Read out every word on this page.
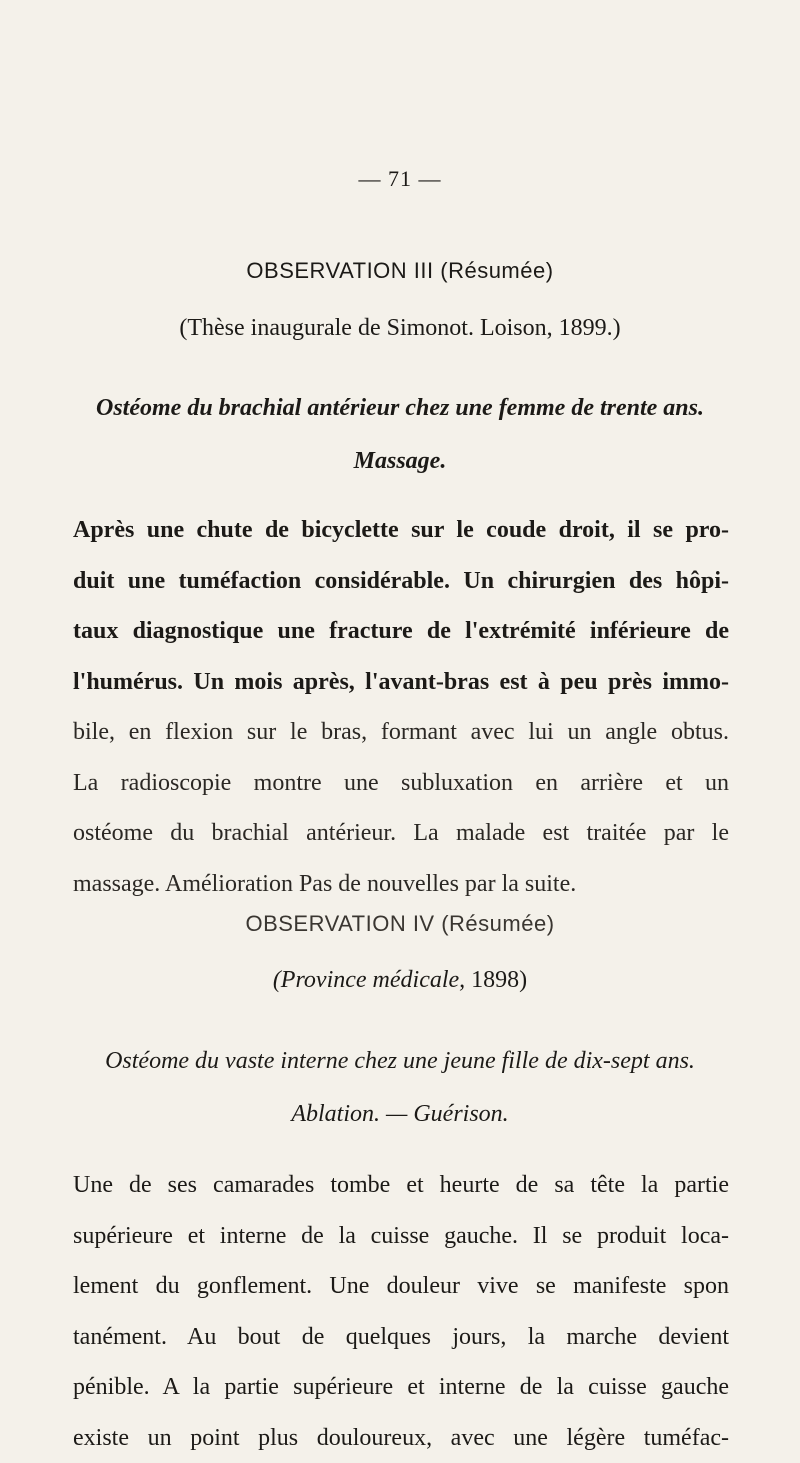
— 71 —
OBSERVATION III (Résumée)
(Thèse inaugurale de Simonot. Loison, 1899.)
Ostéome du brachial antérieur chez une femme de trente ans.
Massage.
Après une chute de bicyclette sur le coude droit, il se pro-
duit une tuméfaction considérable. Un chirurgien des hôpi-
taux diagnostique une fracture de l'extrémité inférieure de
l'humérus. Un mois après, l'avant-bras est à peu près immo-
bile, en flexion sur le bras, formant avec lui un angle obtus.
La radioscopie montre une subluxation en arrière et un
ostéome du brachial antérieur. La malade est traitée par le
massage. Amélioration Pas de nouvelles par la suite.
OBSERVATION IV (Résumée)
(Province médicale, 1898)
Ostéome du vaste interne chez une jeune fille de dix-sept ans.
Ablation. — Guérison.
Une de ses camarades tombe et heurte de sa tête la partie
supérieure et interne de la cuisse gauche. Il se produit loca-
lement du gonflement. Une douleur vive se manifeste spon
tanément. Au bout de quelques jours, la marche devient
pénible. A la partie supérieure et interne de la cuisse gauche
existe un point plus douloureux, avec une légère tuméfac-
